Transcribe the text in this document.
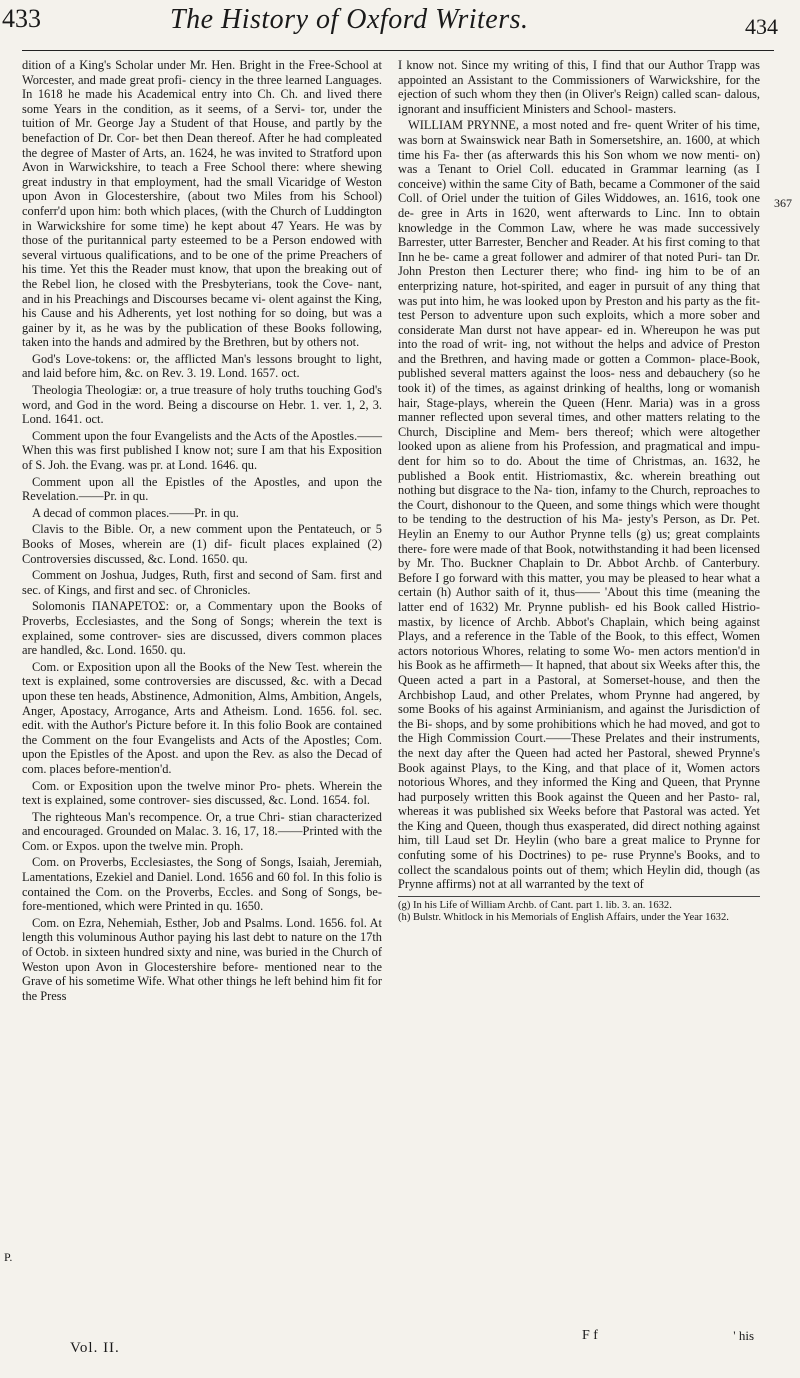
433	The History of Oxford Writers.	434

dition of a King's Scholar under Mr. Hen. Bright in the Free-School at Worcester, and made great profi- ciency in the three learned Languages. In 1618 he made his Academical entry into Ch. Ch. and lived there some Years in the condition, as it seems, of a Servi- tor, under the tuition of Mr. George Jay a Student of that House, and partly by the benefaction of Dr. Cor- bet then Dean thereof. After he had compleated the degree of Master of Arts, an. 1624, he was invited to Stratford upon Avon in Warwickshire, to teach a Free School there: where shewing great industry in that employment, had the small Vicaridge of Weston upon Avon in Glocestershire, (about two Miles from his School) conferr'd upon him: both which places, (with the Church of Luddington in Warwickshire for some time) he kept about 47 Years. He was by those of the puritannical party esteemed to be a Person endowed with several virtuous qualifications, and to be one of the prime Preachers of his time. Yet this the Reader must know, that upon the breaking out of the Rebel lion, he closed with the Presbyterians, took the Cove- nant, and in his Preachings and Discourses became vi- olent against the King, his Cause and his Adherents, yet lost nothing for so doing, but was a gainer by it, as he was by the publication of these Books following, taken into the hands and admired by the Brethren, but by others not.

God's Love-tokens: or, the afflicted Man's lessons brought to light, and laid before him, &c. on Rev. 3. 19. Lond. 1657. oct.

Theologia Theologiæ: or, a true treasure of holy truths touching God's word, and God in the word. Being a discourse on Hebr. 1. ver. 1, 2, 3. Lond. 1641. oct.

Comment upon the four Evangelists and the Acts of the Apostles.——When this was first published I know not; sure I am that his Exposition of S. Joh. the Evang. was pr. at Lond. 1646. qu.

Comment upon all the Epistles of the Apostles, and upon the Revelation.——Pr. in qu.

A decad of common places.——Pr. in qu.

Clavis to the Bible. Or, a new comment upon the Pentateuch, or 5 Books of Moses, wherein are (1) dif- ficult places explained (2) Controversies discussed, &c. Lond. 1650. qu.

Comment on Joshua, Judges, Ruth, first and second of Sam. first and sec. of Kings, and first and sec. of Chronicles.

Solomonis ΠΑΝΑΡΕΤΟΣ: or, a Commentary upon the Books of Proverbs, Ecclesiastes, and the Song of Songs; wherein the text is explained, some controver- sies are discussed, divers common places are handled, &c. Lond. 1650. qu.

Com. or Exposition upon all the Books of the New Test. wherein the text is explained, some controversies are discussed, &c. with a Decad upon these ten heads, Abstinence, Admonition, Alms, Ambition, Angels, Anger, Apostacy, Arrogance, Arts and Atheism. Lond. 1656. fol. sec. edit. with the Author's Picture before it. In this folio Book are contained the Comment on the four Evangelists and Acts of the Apostles; Com. upon the Epistles of the Apost. and upon the Rev. as also the Decad of com. places before-mention'd.

Com. or Exposition upon the twelve minor Pro- phets. Wherein the text is explained, some controver- sies discussed, &c. Lond. 1654. fol.

The righteous Man's recompence. Or, a true Chri- stian characterized and encouraged. Grounded on Malac. 3. 16, 17, 18.——Printed with the Com. or Expos. upon the twelve min. Proph.

Com. on Proverbs, Ecclesiastes, the Song of Songs, Isaiah, Jeremiah, Lamentations, Ezekiel and Daniel. Lond. 1656 and 60 fol. In this folio is contained the Com. on the Proverbs, Eccles. and Song of Songs, be- fore-mentioned, which were Printed in qu. 1650.

Com. on Ezra, Nehemiah, Esther, Job and Psalms. Lond. 1656. fol. At length this voluminous Author paying his last debt to nature on the 17th of Octob. in sixteen hundred sixty and nine, was buried in the Church of Weston upon Avon in Glocestershire before- mentioned near to the Grave of his sometime Wife. What other things he left behind him fit for the Press

I know not. Since my writing of this, I find that our Author Trapp was appointed an Assistant to the Commissioners of Warwickshire, for the ejection of such whom they then (in Oliver's Reign) called scan- dalous, ignorant and insufficient Ministers and School- masters.

WILLIAM PRYNNE, a most noted and fre- quent Writer of his time, was born at Swainswick near Bath in Somersetshire, an. 1600, at which time his Fa- ther (as afterwards this his Son whom we now menti- on) was a Tenant to Oriel Coll. educated in Grammar learning (as I conceive) within the same City of Bath, became a Commoner of the said Coll. of Oriel under the tuition of Giles Widdowes, an. 1616, took one de- gree in Arts in 1620, went afterwards to Linc. Inn to obtain knowledge in the Common Law, where he was made successively Barrester, utter Barrester, Bencher and Reader. At his first coming to that Inn he be- came a great follower and admirer of that noted Puri- tan Dr. John Preston then Lecturer there; who find- ing him to be of an enterprizing nature, hot-spirited, and eager in pursuit of any thing that was put into him, he was looked upon by Preston and his party as the fit- test Person to adventure upon such exploits, which a more sober and considerate Man durst not have appear- ed in. Whereupon he was put into the road of writ- ing, not without the helps and advice of Preston and the Brethren, and having made or gotten a Common- place-Book, published several matters against the loos- ness and debauchery (so he took it) of the times, as against drinking of healths, long or womanish hair, Stage-plays, wherein the Queen (Henr. Maria) was in a gross manner reflected upon several times, and other matters relating to the Church, Discipline and Mem- bers thereof; which were altogether looked upon as aliene from his Profession, and pragmatical and impu- dent for him so to do. About the time of Christmas, an. 1632, he published a Book entit. Histriomastix, &c. wherein breathing out nothing but disgrace to the Na- tion, infamy to the Church, reproaches to the Court, dishonour to the Queen, and some things which were thought to be tending to the destruction of his Ma- jesty's Person, as Dr. Pet. Heylin an Enemy to our Author Prynne tells (g) us; great complaints there- fore were made of that Book, notwithstanding it had been licensed by Mr. Tho. Buckner Chaplain to Dr. Abbot Archb. of Canterbury. Before I go forward with this matter, you may be pleased to hear what a certain (h) Author saith of it, thus—— 'About this time (meaning the latter end of 1632) Mr. Prynne publish- ed his Book called Histrio-mastix, by licence of Archb. Abbot's Chaplain, which being against Plays, and a reference in the Table of the Book, to this effect, Women actors notorious Whores, relating to some Wo- men actors mention'd in his Book as he affirmeth— It hapned, that about six Weeks after this, the Queen acted a part in a Pastoral, at Somerset-house, and then the Archbishop Laud, and other Prelates, whom Prynne had angered, by some Books of his against Arminianism, and against the Jurisdiction of the Bi- shops, and by some prohibitions which he had moved, and got to the High Commission Court.——These Prelates and their instruments, the next day after the Queen had acted her Pastoral, shewed Prynne's Book against Plays, to the King, and that place of it, Women actors notorious Whores, and they informed the King and Queen, that Prynne had purposely written this Book against the Queen and her Pasto- ral, whereas it was published six Weeks before that Pastoral was acted. Yet the King and Queen, though thus exasperated, did direct nothing against him, till Laud set Dr. Heylin (who bare a great malice to Prynne for confuting some of his Doctrines) to pe- ruse Prynne's Books, and to collect the scandalous points out of them; which Heylin did, though (as Prynne affirms) not at all warranted by the text of

(g) In his Life of William Archb. of Cant. part 1. lib. 3. an. 1632.
(h) Bulstr. Whitlock in his Memorials of English Affairs, under the Year 1632.
367
P.
Vol. II.
F f	' his
